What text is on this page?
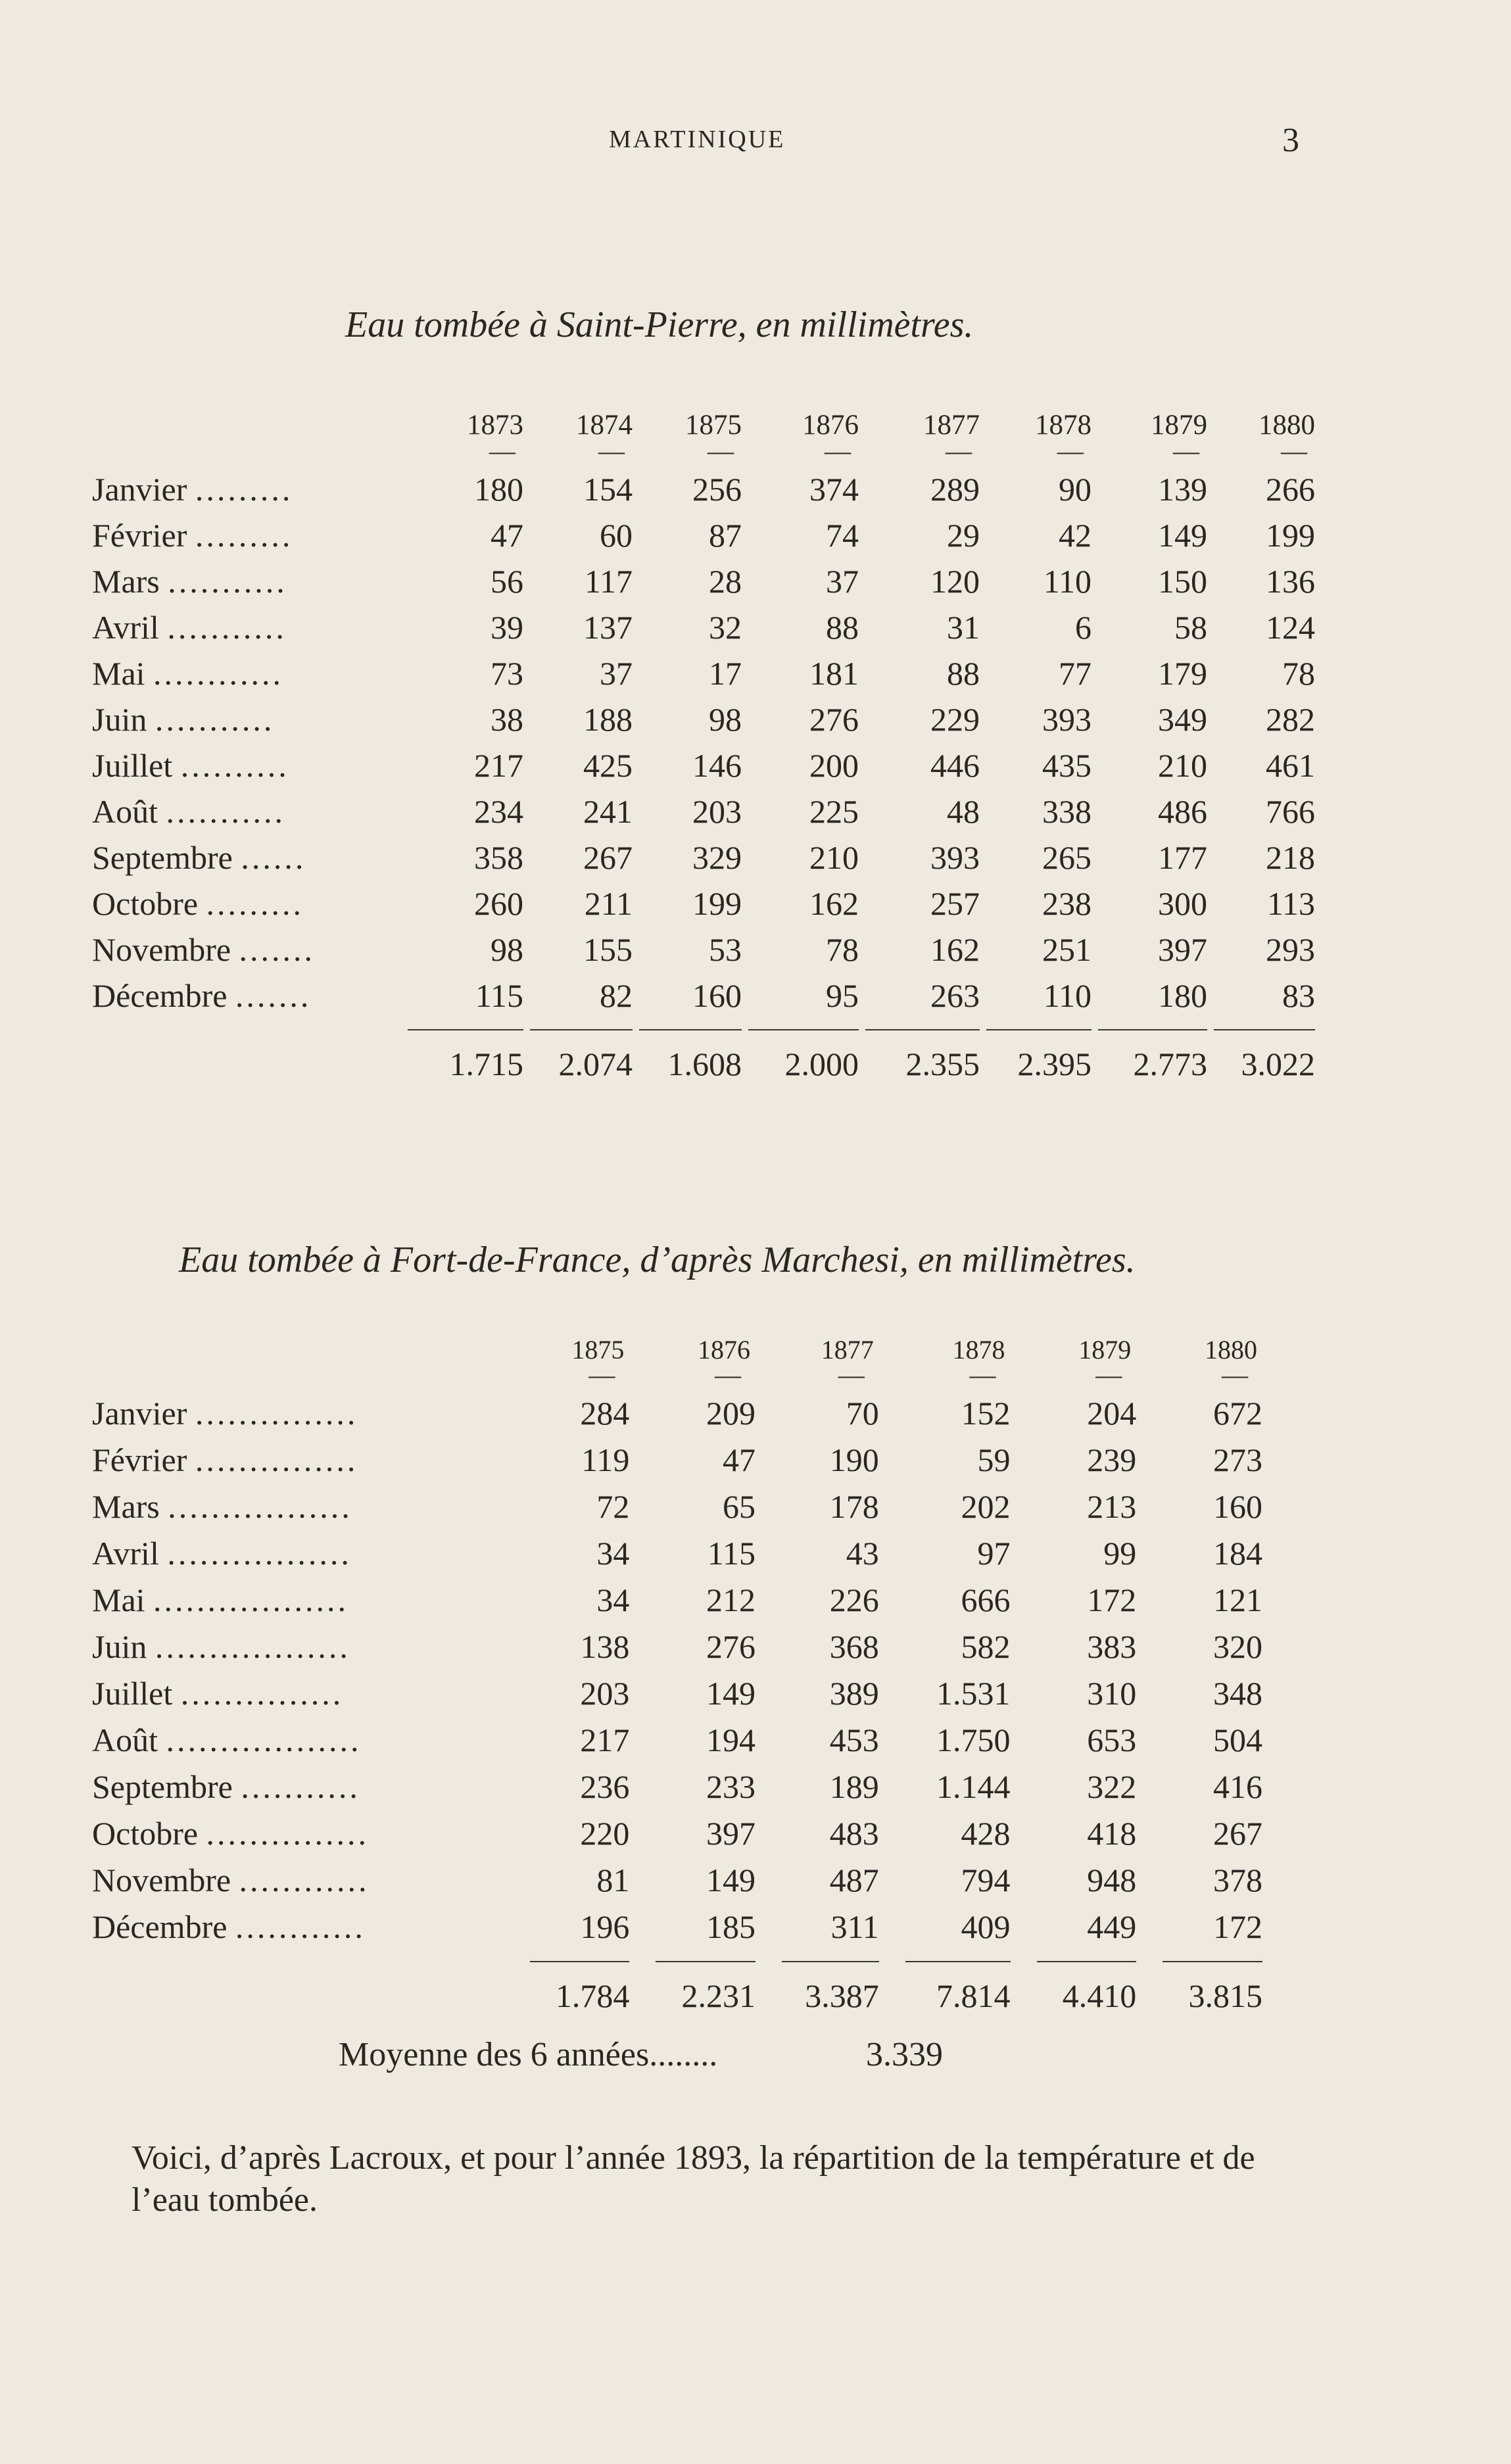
MARTINIQUE	3
Eau tombée à Saint-Pierre, en millimètres.
	1873	1874	1875	1876	1877	1878	1879	1880
	—	—	—	—	—	—	—	—
Janvier .........	180	154	256	374	289	90	139	266
Février .........	47	60	87	74	29	42	149	199
Mars ...........	56	117	28	37	120	110	150	136
Avril ...........	39	137	32	88	31	6	58	124
Mai ............	73	37	17	181	88	77	179	78
Juin ...........	38	188	98	276	229	393	349	282
Juillet ..........	217	425	146	200	446	435	210	461
Août ...........	234	241	203	225	48	338	486	766
Septembre ......	358	267	329	210	393	265	177	218
Octobre .........	260	211	199	162	257	238	300	113
Novembre .......	98	155	53	78	162	251	397	293
Décembre .......	115	82	160	95	263	110	180	83

	1.715	2.074	1.608	2.000	2.355	2.395	2.773	3.022
Eau tombée à Fort-de-France, d’après Marchesi, en millimètres.
	1875	1876	1877	1878	1879	1880
	—	—	—	—	—	—
Janvier ...............	284	209	70	152	204	672
Février ...............	119	47	190	59	239	273
Mars .................	72	65	178	202	213	160
Avril .................	34	115	43	97	99	184
Mai ..................	34	212	226	666	172	121
Juin ..................	138	276	368	582	383	320
Juillet ...............	203	149	389	1.531	310	348
Août ..................	217	194	453	1.750	653	504
Septembre ...........	236	233	189	1.144	322	416
Octobre ...............	220	397	483	428	418	267
Novembre ............	81	149	487	794	948	378
Décembre ............	196	185	311	409	449	172

	1.784	2.231	3.387	7.814	4.410	3.815
Moyenne des 6 années........	3.339
Voici, d’après Lacroux, et pour l’année 1893, la répartition de la température et de l’eau tombée.
